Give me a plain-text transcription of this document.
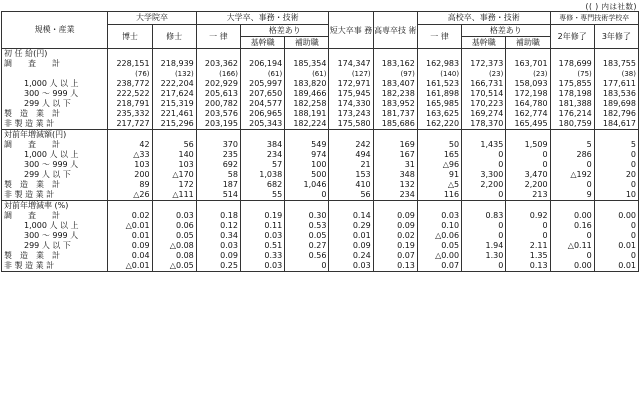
(( ) 内は社数)
規模・産業	大学院卒		大学卒、事務・技術			短大卒事 務	高専卒技 術	高校卒、事務・技術			専修・専門技術学校卒	
	博士	修士	一 律	格差あり				一 律	格差あり		2年修了	3年修了
				基幹職	補助職				基幹職	補助職		
初 任 給(円)												
調　　査　　計	228,151	218,939	203,362	206,194	185,354	174,347	183,162	162,983	172,373	163,701	178,699	183,755
	(76)	(132)	(166)	(61)	(61)	(127)	(97)	(140)	(23)	(23)	(75)	(38)
1,000 人 以 上	238,772	222,204	202,929	205,997	183,820	172,971	183,407	161,523	166,731	158,093	175,855	177,611
300 〜 999 人	222,522	217,624	205,613	207,650	189,466	175,945	182,238	161,898	170,514	172,198	178,198	183,536
299 人 以 下	218,791	215,319	200,782	204,577	182,258	174,330	183,952	165,985	170,223	164,780	181,388	189,698
製　造　業　計	235,332	221,461	203,576	206,965	188,191	173,243	181,737	163,625	169,274	162,774	176,214	182,796
非 製 造 業 計	217,727	215,296	203,195	205,343	182,224	175,580	185,686	162,220	178,370	165,495	180,759	184,617
対前年増減額(円)												
調　　査　　計	42	56	370	384	549	242	169	50	1,435	1,509	5	5
1,000 人 以 上	△33	140	235	234	974	494	167	165	0	0	286	0
300 〜 999 人	103	103	692	57	100	21	31	△96	0	0	0	0
299 人 以 下	200	△170	58	1,038	500	153	348	91	3,300	3,470	△192	20
製　造　業　計	89	172	187	682	1,046	410	132	△5	2,200	2,200	0	0
非 製 造 業 計	△26	△111	514	55	0	56	234	116	0	213	9	10
対前年増減率 (%)												
調　　査　　計	0.02	0.03	0.18	0.19	0.30	0.14	0.09	0.03	0.83	0.92	0.00	0.00
1,000 人 以 上	△0.01	0.06	0.12	0.11	0.53	0.29	0.09	0.10	0	0	0.16	0
300 〜 999 人	0.01	0.05	0.34	0.03	0.05	0.01	0.02	△0.06	0	0	0	0
299 人 以 下	0.09	△0.08	0.03	0.51	0.27	0.09	0.19	0.05	1.94	2.11	△0.11	0.01
製　造　業　計	0.04	0.08	0.09	0.33	0.56	0.24	0.07	△0.00	1.30	1.35	0	0
非 製 造 業 計	△0.01	△0.05	0.25	0.03	0	0.03	0.13	0.07	0	0.13	0.00	0.01
